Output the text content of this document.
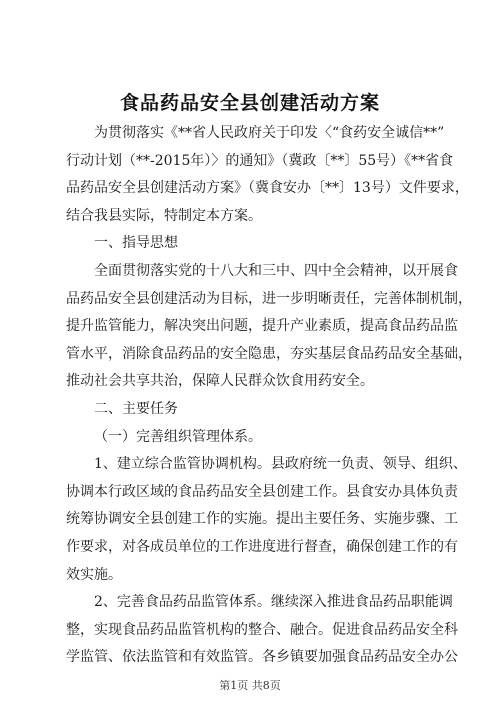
食品药品安全县创建活动方案
为贯彻落实《**省人民政府关于印发〈“食药安全诚信**”
行动计划（**-2015年）〉的通知》（冀政〔**〕55号）《**省食
品药品安全县创建活动方案》（冀食安办〔**〕13号）文件要求，
结合我县实际，特制定本方案。
一、指导思想
全面贯彻落实党的十八大和三中、四中全会精神，以开展食
品药品安全县创建活动为目标，进一步明晰责任，完善体制机制，
提升监管能力，解决突出问题，提升产业素质，提高食品药品监
管水平，消除食品药品的安全隐患，夯实基层食品药品安全基础，
推动社会共享共治，保障人民群众饮食用药安全。
二、主要任务
（一）完善组织管理体系。
1、建立综合监管协调机构。县政府统一负责、领导、组织、
协调本行政区域的食品药品安全县创建工作。县食安办具体负责
统筹协调安全县创建工作的实施。提出主要任务、实施步骤、工
作要求，对各成员单位的工作进度进行督查，确保创建工作的有
效实施。
2、完善食品药品监管体系。继续深入推进食品药品职能调
整，实现食品药品监管机构的整合、融合。促进食品药品安全科
学监管、依法监管和有效监管。各乡镇要加强食品药品安全办公
第1页 共8页
